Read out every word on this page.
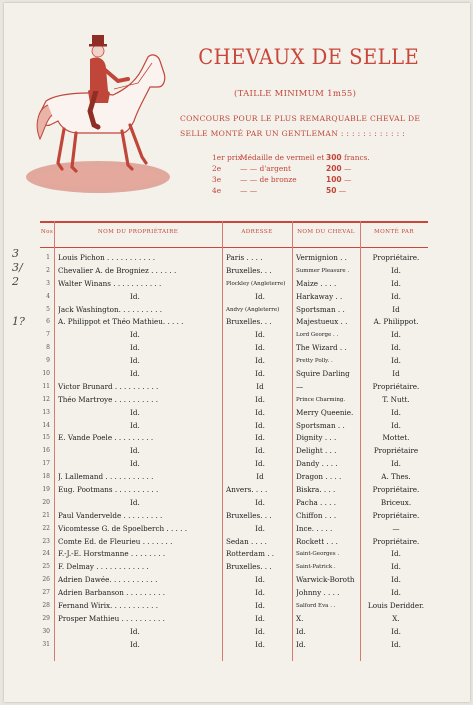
CHEVAUX DE SELLE
(TAILLE MINIMUM 1m55)
CONCOURS POUR LE PLUS REMARQUABLE CHEVAL DE
SELLE MONTÉ PAR UN GENTLEMAN : : : : : : : : : : : :
1er prix :
Médaille de vermeil et 300 francs.
2e	— — d'argent	200 —
3e	— — de bronze	100 —
4e	— —	50 —
3
3/
2
1?
Nos	NOM DU PROPRIÉTAIRE	ADRESSE	NOM DU CHEVAL	MONTÉ PAR
1 Louis Pichon . . . . . . . . . . .	Paris . . . .	Vermignion . .	Propriétaire.
2 Chevalier A. de Brogniez . . . . . .	Bruxelles. . .	Summer Pleasure .	Id.
3 Walter Winans . . . . . . . . . . .	Plockley (Angleterre)	Maize . . . .	Id.
4	Id.	Id.	Harkaway . .	Id.
5 Jack Washington. . . . . . . . . .	Andvy (Angleterre)	Sportsman . .	Id
6 A. Philippot et Théo Mathieu. . . . .	Bruxelles. . .	Majestueux . .	A. Philippot.
7	Id.	Id.	Lord George . .	Id.
8	Id.	Id.	The Wizard . .	Id.
9	Id.	Id.	Pretty Polly. .	Id.
10	Id.	Id.	Squire Darling	Id
11 Victor Brunard . . . . . . . . . .	Id	—	Propriétaire.
12 Théo Martroye . . . . . . . . . .	Id.	Prince Charming.	T. Nutt.
13	Id.	Id.	Merry Queenie.	Id.
14	Id.	Id.	Sportsman . .	Id.
15 E. Vande Poele . . . . . . . . .	Id.	Dignity . . .	Mottet.
16	Id.	Id.	Delight . . .	Propriétaire
17	Id.	Id.	Dandy . . . .	Id.
18 J. Lallemand . . . . . . . . . . .	Id	Dragon . . . .	A. Thes.
19 Eug. Pootmans . . . . . . . . . .	Anvers. . . .	Biskra. . . .	Propriétaire.
20	Id.	Id.	Pacha . . . .	Briceux.
21 Paul Vandervelde . . . . . . . . .	Bruxelles. . .	Chiffon . . .	Propriétaire.
22 Vicomtesse G. de Spoelberch . . . . .	Id.	Ince. . . . .	—
23 Comte Ed. de Fleurieu . . . . . . .	Sedan . . . .	Rockett . . .	Propriétaire.
24 F.-J.-E. Horstmanne . . . . . . . .	Rotterdam . .	Saint-Georges .	Id.
25 F. Delmay . . . . . . . . . . . .	Bruxelles. . .	Saint-Patrick .	Id.
26 Adrien Dawée. . . . . . . . . . .	Id.	Warwick-Boroth	Id.
27 Adrien Barbanson . . . . . . . . .	Id.	Johnny . . . .	Id.
28 Fernand Wirix. . . . . . . . . . .	Id.	Salford Eva . .	Louis Deridder.
29 Prosper Mathieu . . . . . . . . . .	Id.	X.	X.
30	Id.	Id.	Id.	Id.
31	Id.	Id.	Id.	Id.
